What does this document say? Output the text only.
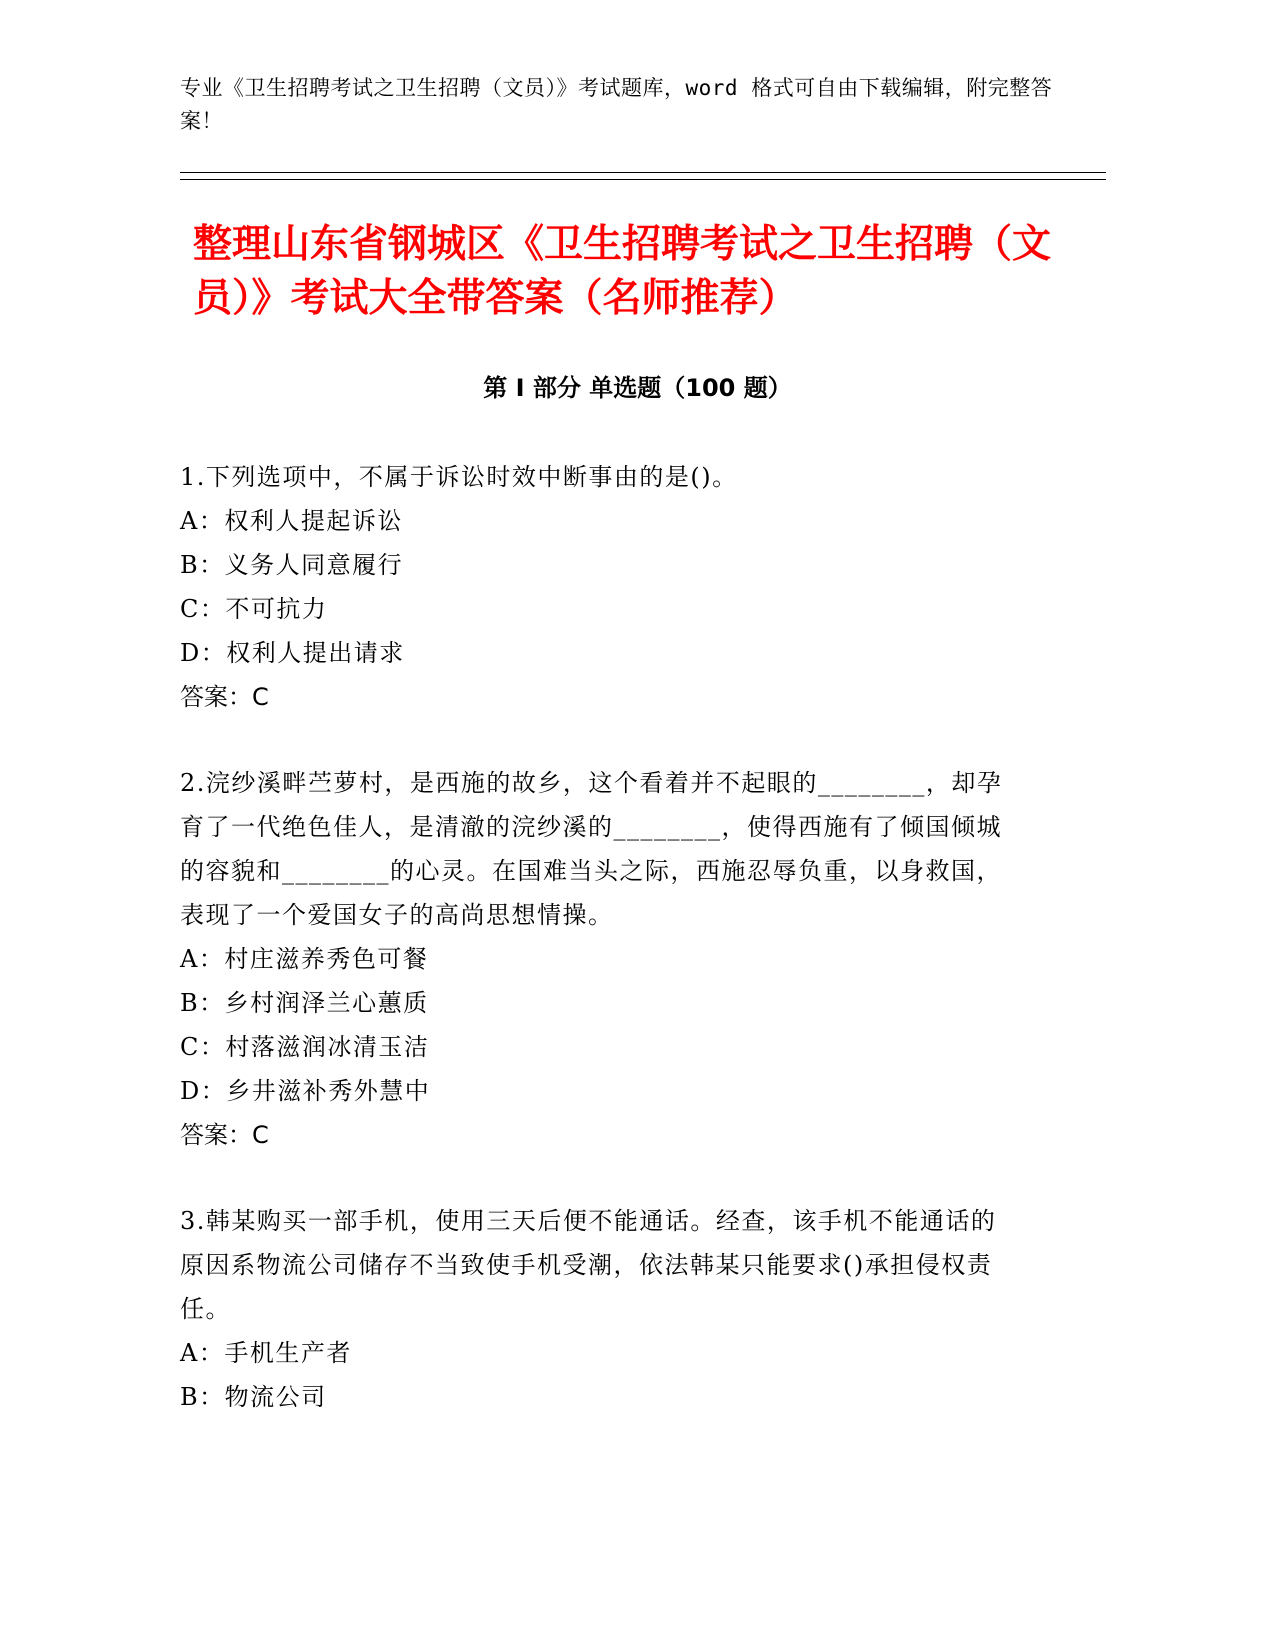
专业《卫生招聘考试之卫生招聘（文员）》考试题库，word 格式可自由下载编辑，附完整答案！
整理山东省钢城区《卫生招聘考试之卫生招聘（文员）》考试大全带答案（名师推荐）
第 I 部分 单选题（100 题）

1.下列选项中，不属于诉讼时效中断事由的是()。

A：权利人提起诉讼

B：义务人同意履行

C：不可抗力

D：权利人提出请求

答案：C

2.浣纱溪畔苎萝村，是西施的故乡，这个看着并不起眼的________，却孕育了一代绝色佳人，是清澈的浣纱溪的________，使得西施有了倾国倾城的容貌和________的心灵。在国难当头之际，西施忍辱负重，以身救国，表现了一个爱国女子的高尚思想情操。

A：村庄滋养秀色可餐

B：乡村润泽兰心蕙质

C：村落滋润冰清玉洁

D：乡井滋补秀外慧中

答案：C

3.韩某购买一部手机，使用三天后便不能通话。经查，该手机不能通话的原因系物流公司储存不当致使手机受潮，依法韩某只能要求()承担侵权责任。

A：手机生产者

B：物流公司
